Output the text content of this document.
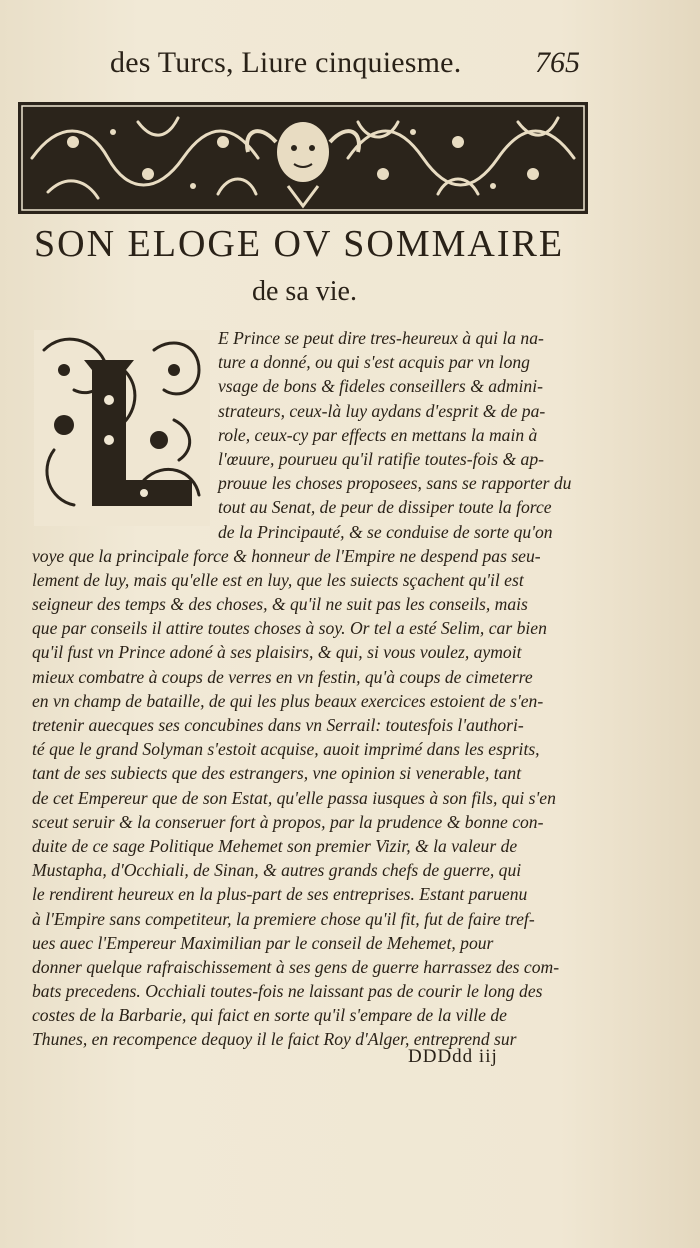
des Turcs, Liure cinquiesme. 765
SON ELOGE OV SOMMAIRE
de sa vie.
E Prince se peut dire tres-heureux à qui la na-
ture a donné, ou qui s'est acquis par vn long
vsage de bons & fideles conseillers & admini-
strateurs, ceux-là luy aydans d'esprit & de pa-
role, ceux-cy par effects en mettans la main à
l'œuure, pourueu qu'il ratifie toutes-fois & ap-
prouue les choses proposees, sans se rapporter du
tout au Senat, de peur de dissiper toute la force
de la Principauté, & se conduise de sorte qu'on
voye que la principale force & honneur de l'Empire ne despend pas seu-
lement de luy, mais qu'elle est en luy, que les suiects sçachent qu'il est
seigneur des temps & des choses, & qu'il ne suit pas les conseils, mais
que par conseils il attire toutes choses à soy. Or tel a esté Selim, car bien
qu'il fust vn Prince adoné à ses plaisirs, & qui, si vous voulez, aymoit
mieux combatre à coups de verres en vn festin, qu'à coups de cimeterre
en vn champ de bataille, de qui les plus beaux exercices estoient de s'en-
tretenir auecques ses concubines dans vn Serrail: toutesfois l'authori-
té que le grand Solyman s'estoit acquise, auoit imprimé dans les esprits,
tant de ses subiects que des estrangers, vne opinion si venerable, tant
de cet Empereur que de son Estat, qu'elle passa iusques à son fils, qui s'en
sceut seruir & la conseruer fort à propos, par la prudence & bonne con-
duite de ce sage Politique Mehemet son premier Vizir, & la valeur de
Mustapha, d'Occhiali, de Sinan, & autres grands chefs de guerre, qui
le rendirent heureux en la plus-part de ses entreprises. Estant paruenu
à l'Empire sans competiteur, la premiere chose qu'il fit, fut de faire tref-
ues auec l'Empereur Maximilian par le conseil de Mehemet, pour
donner quelque rafraischissement à ses gens de guerre harrassez des com-
bats precedens. Occhiali toutes-fois ne laissant pas de courir le long des
costes de la Barbarie, qui faict en sorte qu'il s'empare de la ville de
Thunes, en recompence dequoy il le faict Roy d'Alger, entreprend sur
DDDdd iij
